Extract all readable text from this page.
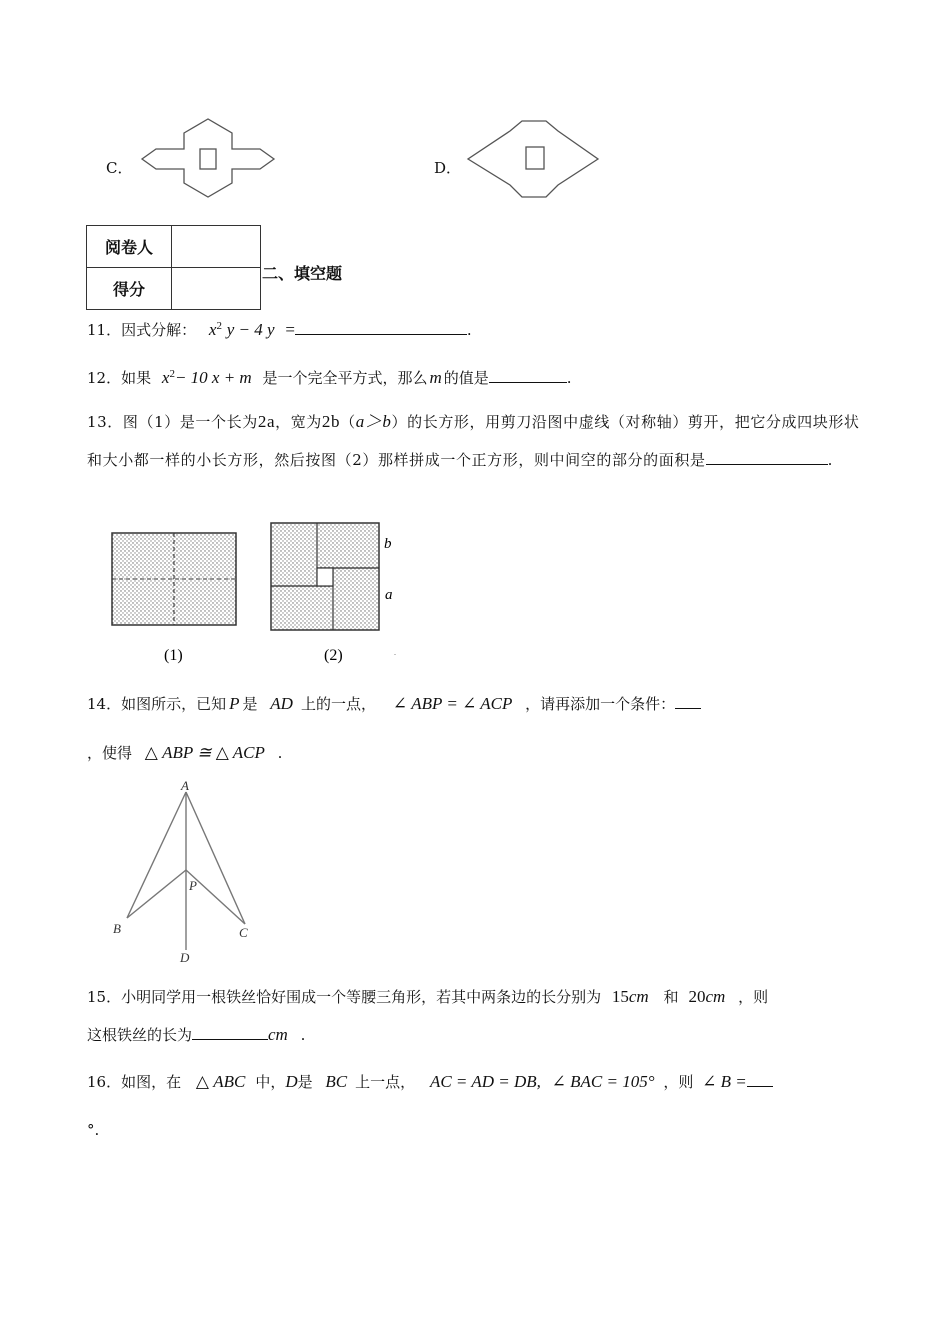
C．	D．
阅卷人	
得分	
二、填空题
11．因式分解： $x^2$ y − 4 y =	.
12．如果 $x^2- 10$ x + m 是一个完全平方式，那么 m 的值是	.
13．图（1）是一个长为2a，宽为2b（a＞b）的长方形，用剪刀沿图中虚线（对称轴）剪开，把它分成四块形状和大小都一样的小长方形，然后按图（2）那样拼成一个正方形，则中间空的部分的面积是	.
(1)	(2)
b
a
.
14．如图所示，已知 P 是 AD 上的一点， ∠ ABP = ∠ ACP ，请再添加一个条件：
，使得 △ ABP ≅ △ ACP .
A
P
B	C
D
15．小明同学用一根铁丝恰好围成一个等腰三角形，若其中两条边的长分别为 15cm 和 20cm ，则
这根铁丝的长为	cm .
16．如图，在 △ ABC 中，D是 BC 上一点， AC = AD = DB, ∠ BAC = 105° ，则 ∠ B =
°.
